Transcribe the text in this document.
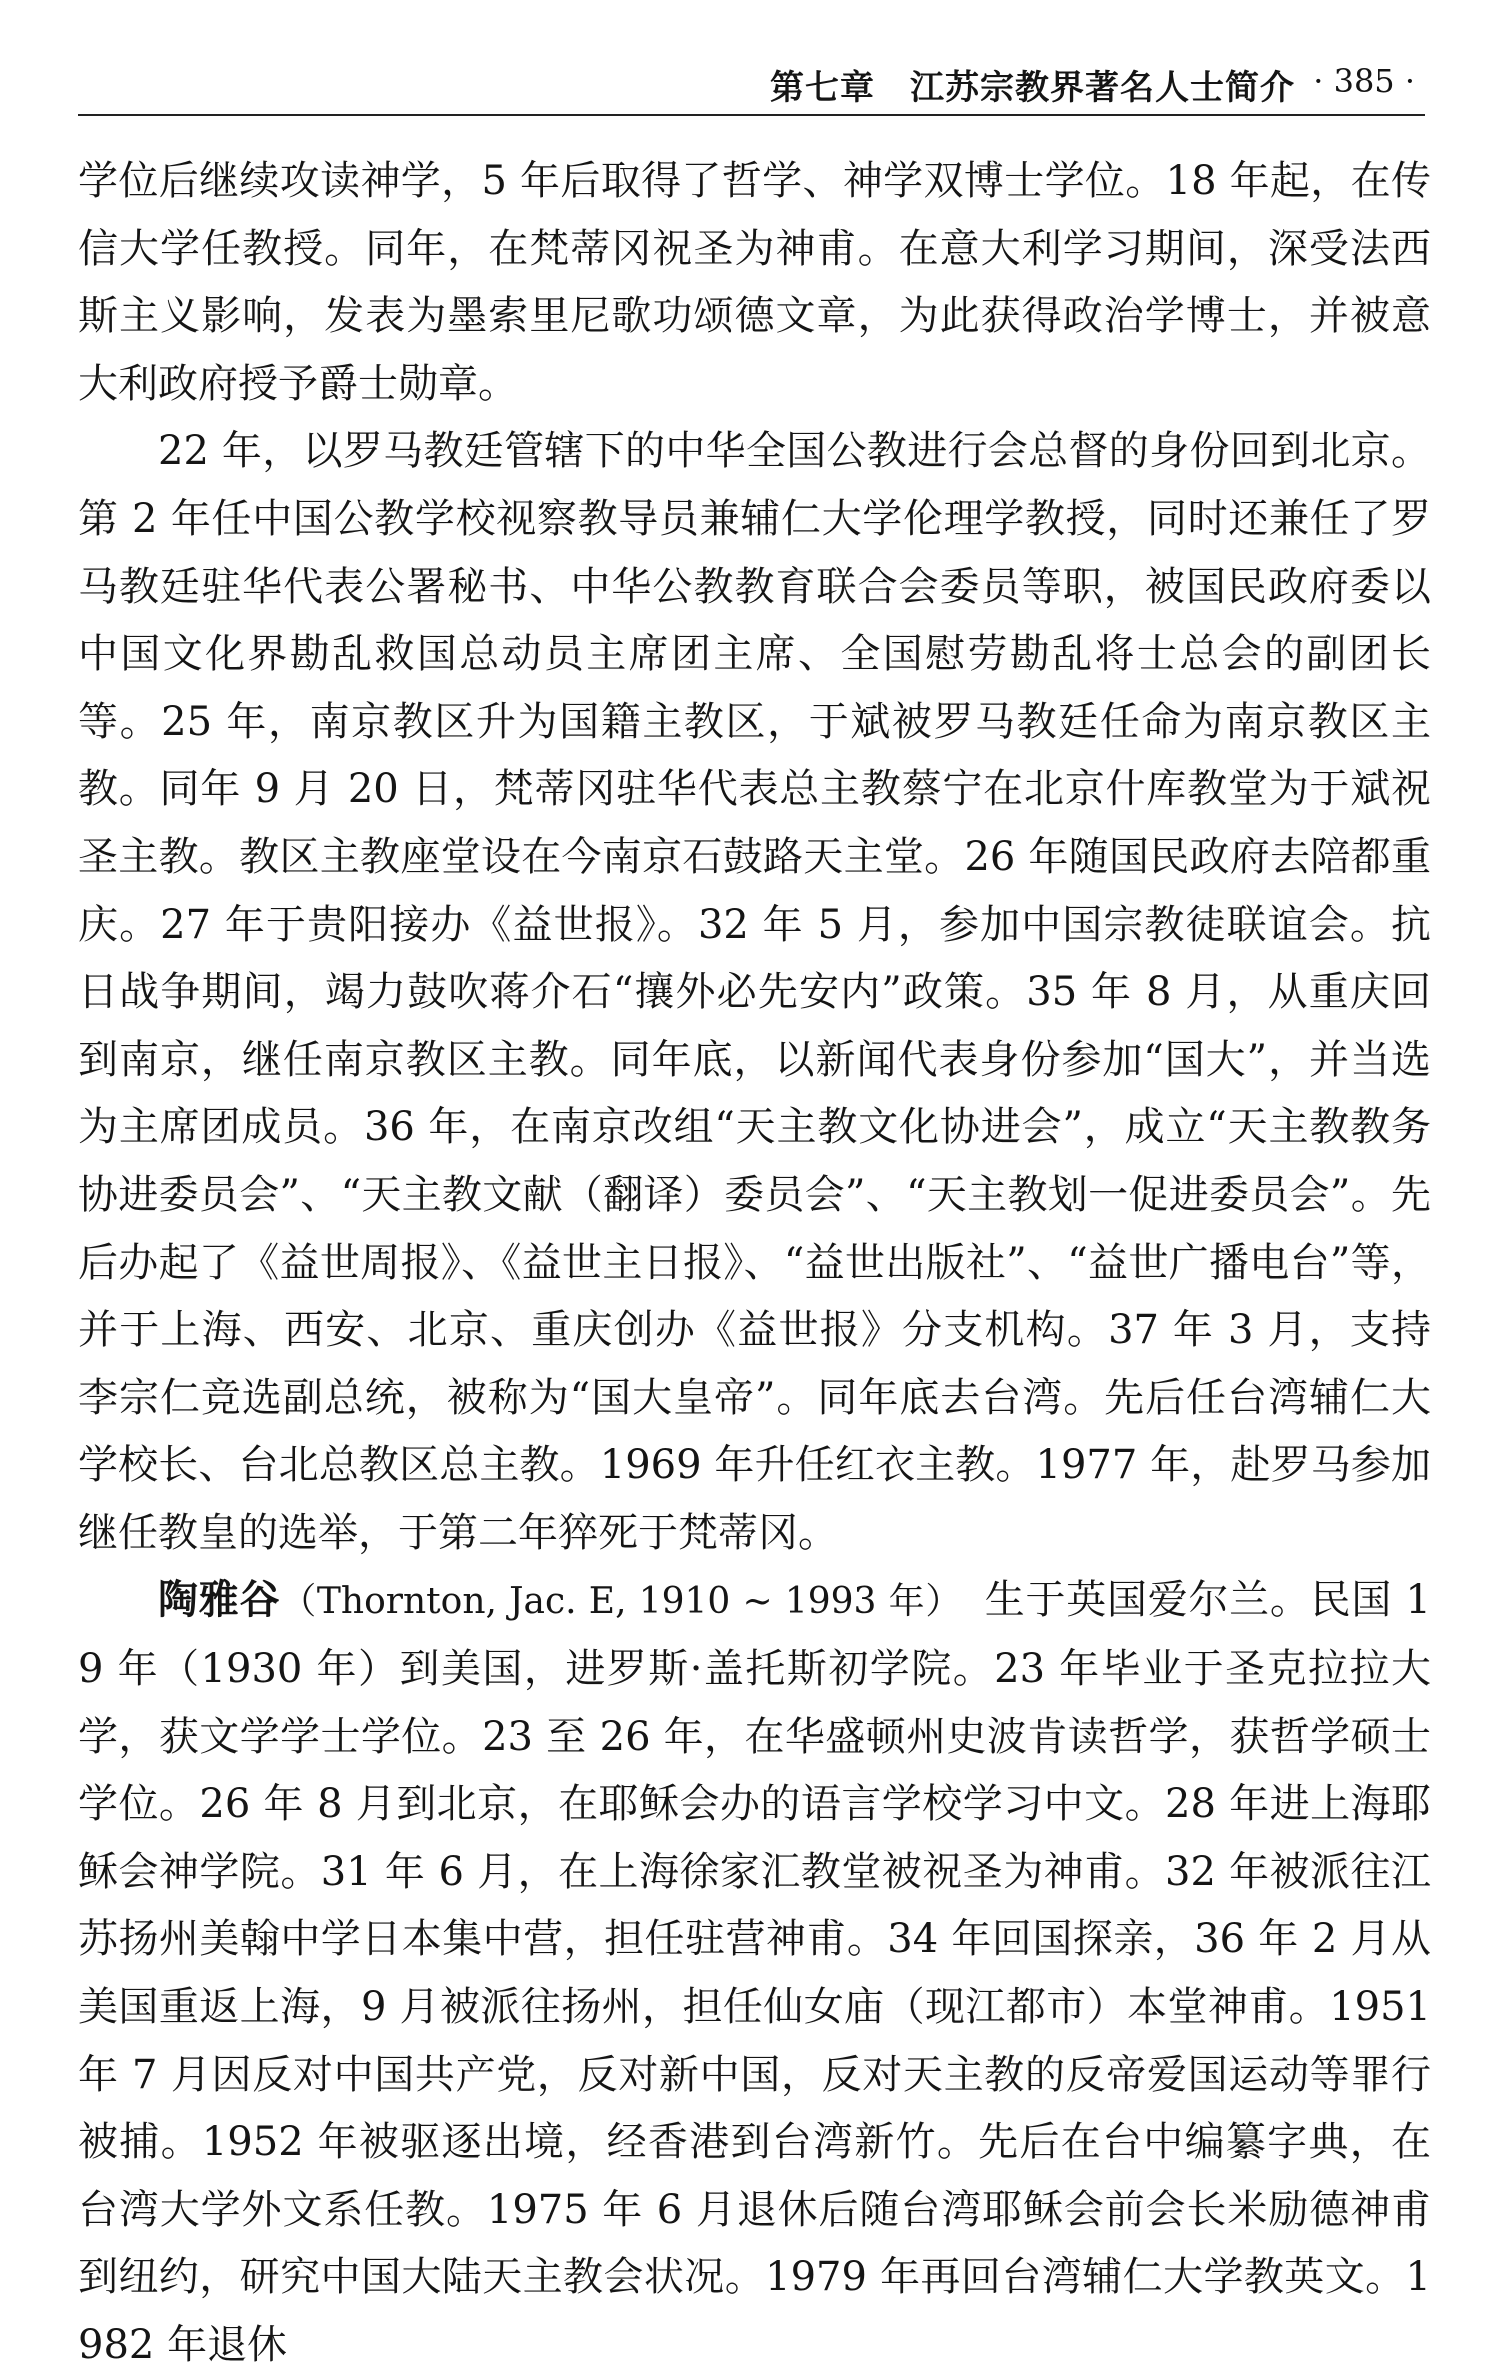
第七章　江苏宗教界著名人士简介 · 385 ·

学位后继续攻读神学，5 年后取得了哲学、神学双博士学位。18 年起，在传信大学任教授。同年，在梵蒂冈祝圣为神甫。在意大利学习期间，深受法西斯主义影响，发表为墨索里尼歌功颂德文章，为此获得政治学博士，并被意大利政府授予爵士勋章。

22 年，以罗马教廷管辖下的中华全国公教进行会总督的身份回到北京。第 2 年任中国公教学校视察教导员兼辅仁大学伦理学教授，同时还兼任了罗马教廷驻华代表公署秘书、中华公教教育联合会委员等职，被国民政府委以中国文化界勘乱救国总动员主席团主席、全国慰劳勘乱将士总会的副团长等。25 年，南京教区升为国籍主教区，于斌被罗马教廷任命为南京教区主教。同年 9 月 20 日，梵蒂冈驻华代表总主教蔡宁在北京什库教堂为于斌祝圣主教。教区主教座堂设在今南京石鼓路天主堂。26 年随国民政府去陪都重庆。27 年于贵阳接办《益世报》。32 年 5 月，参加中国宗教徒联谊会。抗日战争期间，竭力鼓吹蒋介石“攘外必先安内”政策。35 年 8 月，从重庆回到南京，继任南京教区主教。同年底，以新闻代表身份参加“国大”，并当选为主席团成员。36 年，在南京改组“天主教文化协进会”，成立“天主教教务协进委员会”、“天主教文献（翻译）委员会”、“天主教划一促进委员会”。先后办起了《益世周报》、《益世主日报》、“益世出版社”、“益世广播电台”等，并于上海、西安、北京、重庆创办《益世报》分支机构。37 年 3 月，支持李宗仁竞选副总统，被称为“国大皇帝”。同年底去台湾。先后任台湾辅仁大学校长、台北总教区总主教。1969 年升任红衣主教。1977 年，赴罗马参加继任教皇的选举，于第二年猝死于梵蒂冈。

陶雅谷（Thornton, Jac. E, 1910 ~ 1993 年）　生于英国爱尔兰。民国 19 年（1930 年）到美国，进罗斯·盖托斯初学院。23 年毕业于圣克拉拉大学，获文学学士学位。23 至 26 年，在华盛顿州史波肯读哲学，获哲学硕士学位。26 年 8 月到北京，在耶稣会办的语言学校学习中文。28 年进上海耶稣会神学院。31 年 6 月，在上海徐家汇教堂被祝圣为神甫。32 年被派往江苏扬州美翰中学日本集中营，担任驻营神甫。34 年回国探亲，36 年 2 月从美国重返上海，9 月被派往扬州，担任仙女庙（现江都市）本堂神甫。1951 年 7 月因反对中国共产党，反对新中国，反对天主教的反帝爱国运动等罪行被捕。1952 年被驱逐出境，经香港到台湾新竹。先后在台中编纂字典，在台湾大学外文系任教。1975 年 6 月退休后随台湾耶稣会前会长米励德神甫到纽约，研究中国大陆天主教会状况。1979 年再回台湾辅仁大学教英文。1982 年退休
